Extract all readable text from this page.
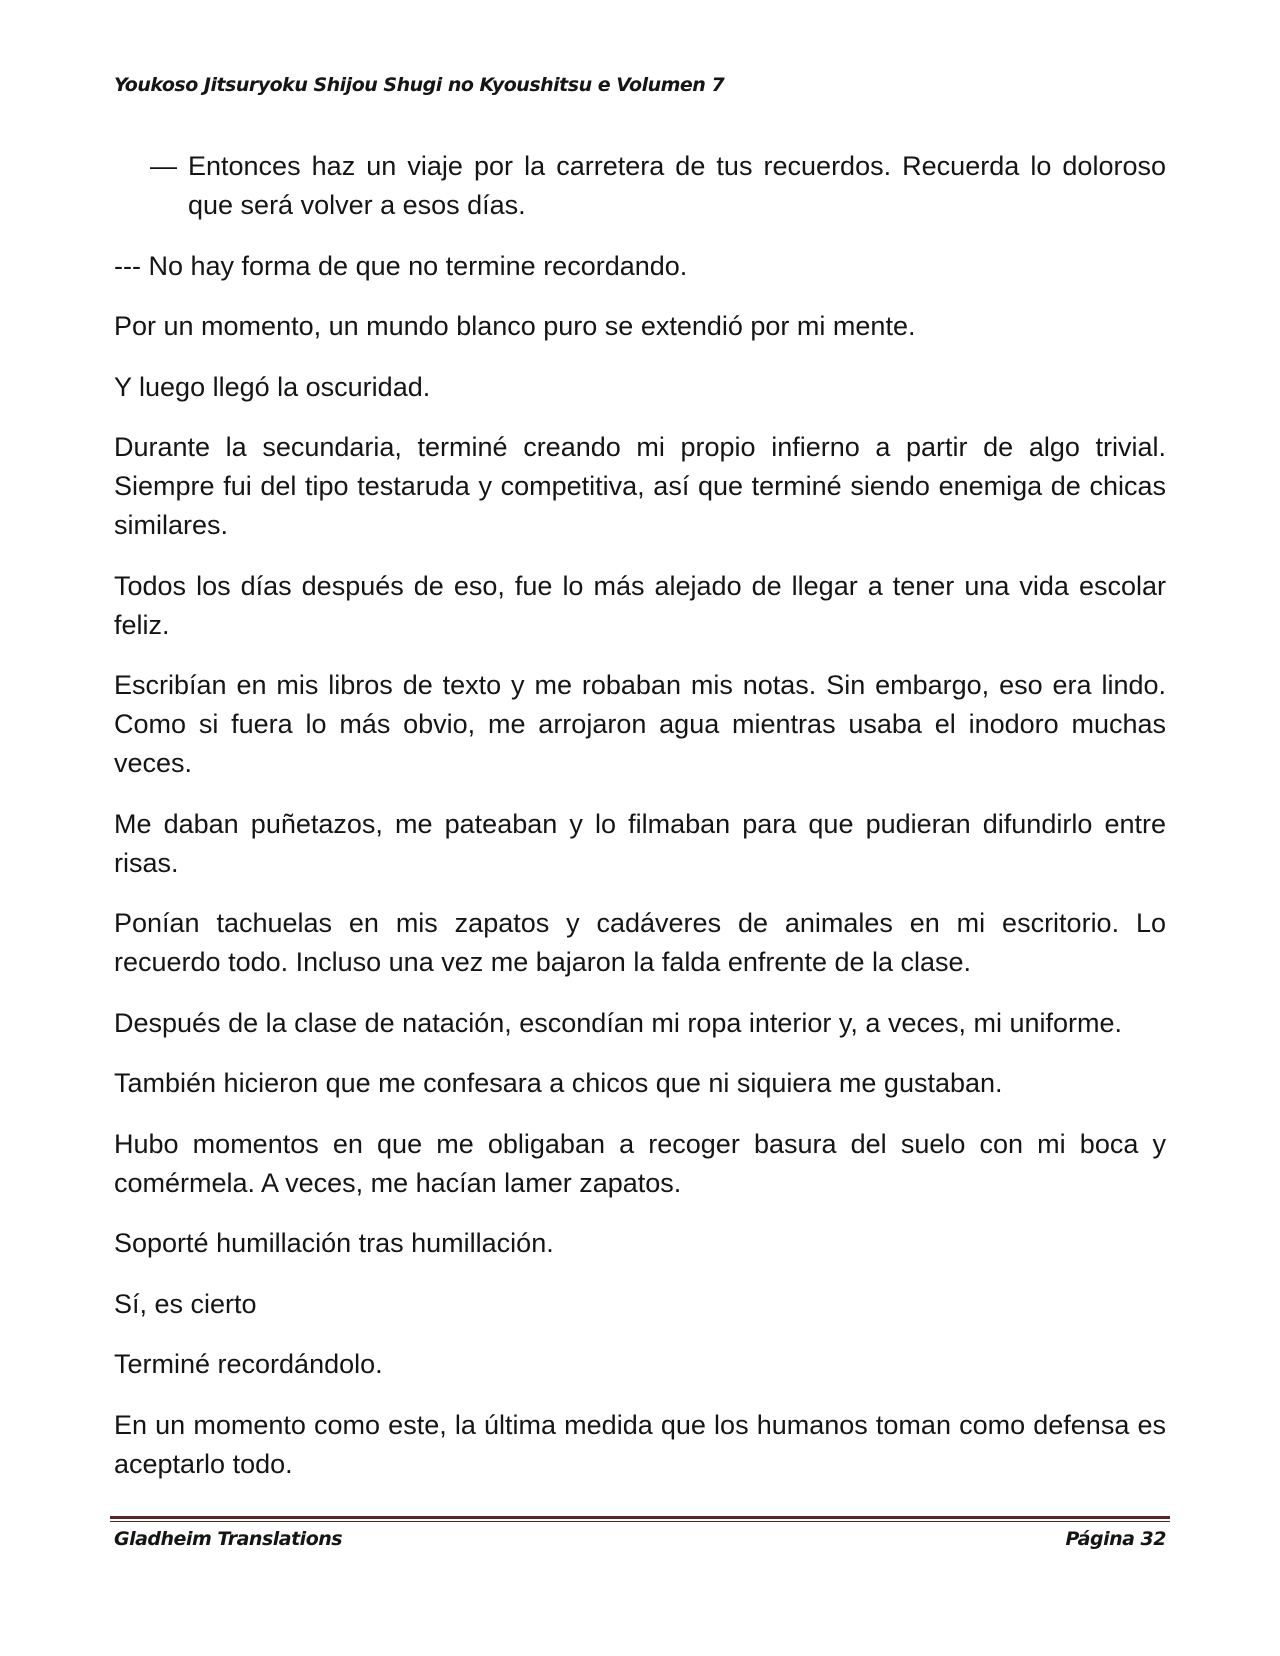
Youkoso Jitsuryoku Shijou Shugi no Kyoushitsu e Volumen 7
— Entonces haz un viaje por la carretera de tus recuerdos. Recuerda lo doloroso que será volver a esos días.

--- No hay forma de que no termine recordando.

Por un momento, un mundo blanco puro se extendió por mi mente.

Y luego llegó la oscuridad.

Durante la secundaria, terminé creando mi propio infierno a partir de algo trivial. Siempre fui del tipo testaruda y competitiva, así que terminé siendo enemiga de chicas similares.

Todos los días después de eso, fue lo más alejado de llegar a tener una vida escolar feliz.

Escribían en mis libros de texto y me robaban mis notas. Sin embargo, eso era lindo. Como si fuera lo más obvio, me arrojaron agua mientras usaba el inodoro muchas veces.

Me daban puñetazos, me pateaban y lo filmaban para que pudieran difundirlo entre risas.

Ponían tachuelas en mis zapatos y cadáveres de animales en mi escritorio. Lo recuerdo todo. Incluso una vez me bajaron la falda enfrente de la clase.

Después de la clase de natación, escondían mi ropa interior y, a veces, mi uniforme.

También hicieron que me confesara a chicos que ni siquiera me gustaban.

Hubo momentos en que me obligaban a recoger basura del suelo con mi boca y comérmela. A veces, me hacían lamer zapatos.

Soporté humillación tras humillación.

Sí, es cierto

Terminé recordándolo.

En un momento como este, la última medida que los humanos toman como defensa es aceptarlo todo.

Gladheim Translations	Página 32
